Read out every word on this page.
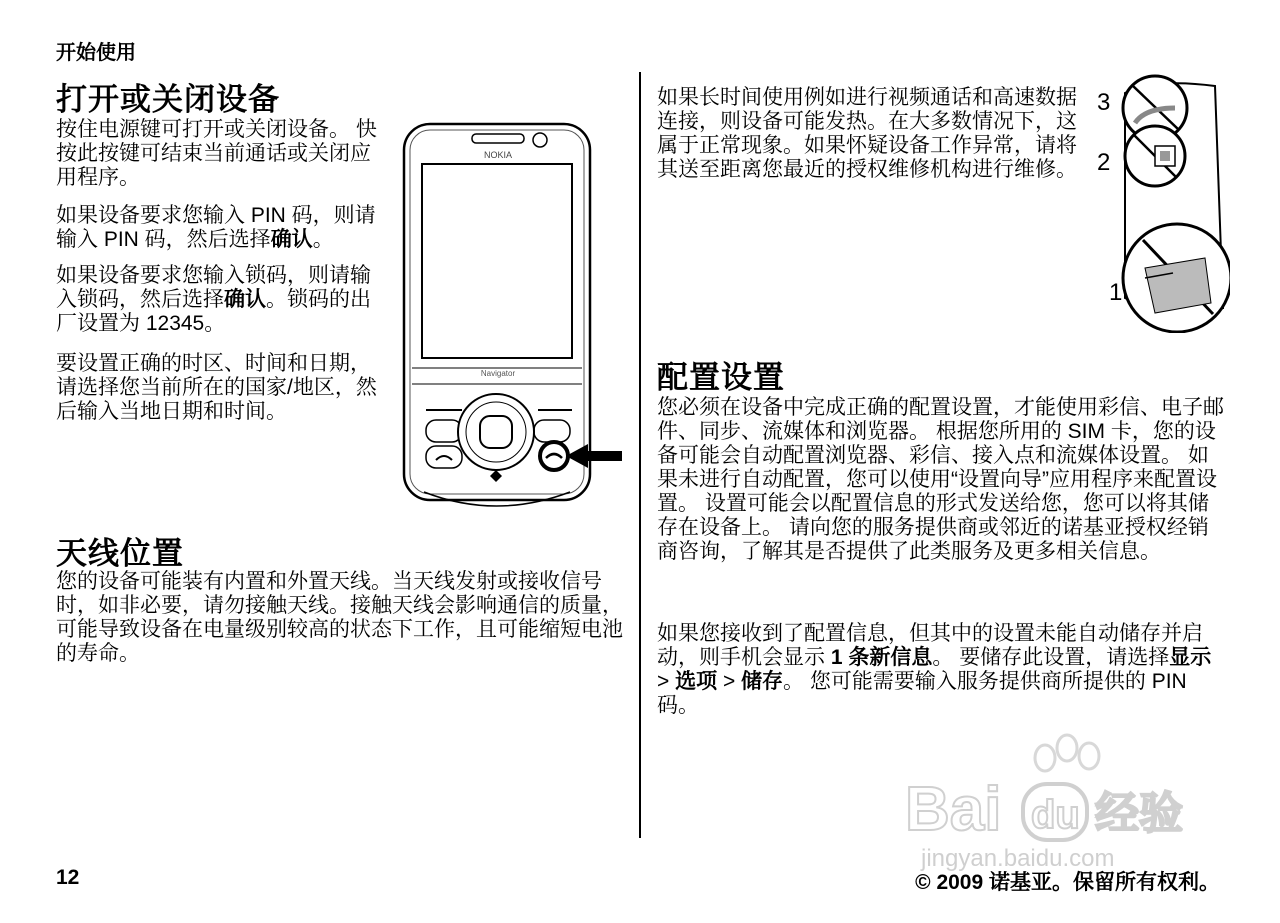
开始使用
打开或关闭设备

按住电源键可打开或关闭设备。 快按此按键可结束当前通话或关闭应用程序。

如果设备要求您输入 PIN 码，则请输入 PIN 码，然后选择确认。

如果设备要求您输入锁码，则请输入锁码，然后选择确认。锁码的出厂设置为 12345。

要设置正确的时区、时间和日期，请选择您当前所在的国家/地区，然后输入当地日期和时间。

NOKIA
Navigator
天线位置

您的设备可能装有内置和外置天线。当天线发射或接收信号时，如非必要，请勿接触天线。接触天线会影响通信的质量，可能导致设备在电量级别较高的状态下工作，且可能缩短电池的寿命。

如果长时间使用例如进行视频通话和高速数据连接，则设备可能发热。在大多数情况下，这属于正常现象。如果怀疑设备工作异常，请将其送至距离您最近的授权维修机构进行维修。

3
2
1
配置设置

您必须在设备中完成正确的配置设置，才能使用彩信、电子邮件、同步、流媒体和浏览器。 根据您所用的 SIM 卡，您的设备可能会自动配置浏览器、彩信、接入点和流媒体设置。 如果未进行自动配置，您可以使用“设置向导”应用程序来配置设置。 设置可能会以配置信息的形式发送给您，您可以将其储存在设备上。 请向您的服务提供商或邻近的诺基亚授权经销商咨询，了解其是否提供了此类服务及更多相关信息。

如果您接收到了配置信息，但其中的设置未能自动储存并启动，则手机会显示 1 条新信息。 要储存此设置，请选择显示 > 选项 > 储存。 您可能需要输入服务提供商所提供的 PIN 码。

Bai du 经验
jingyan.baidu.com
12	© 2009 诺基亚。保留所有权利。
